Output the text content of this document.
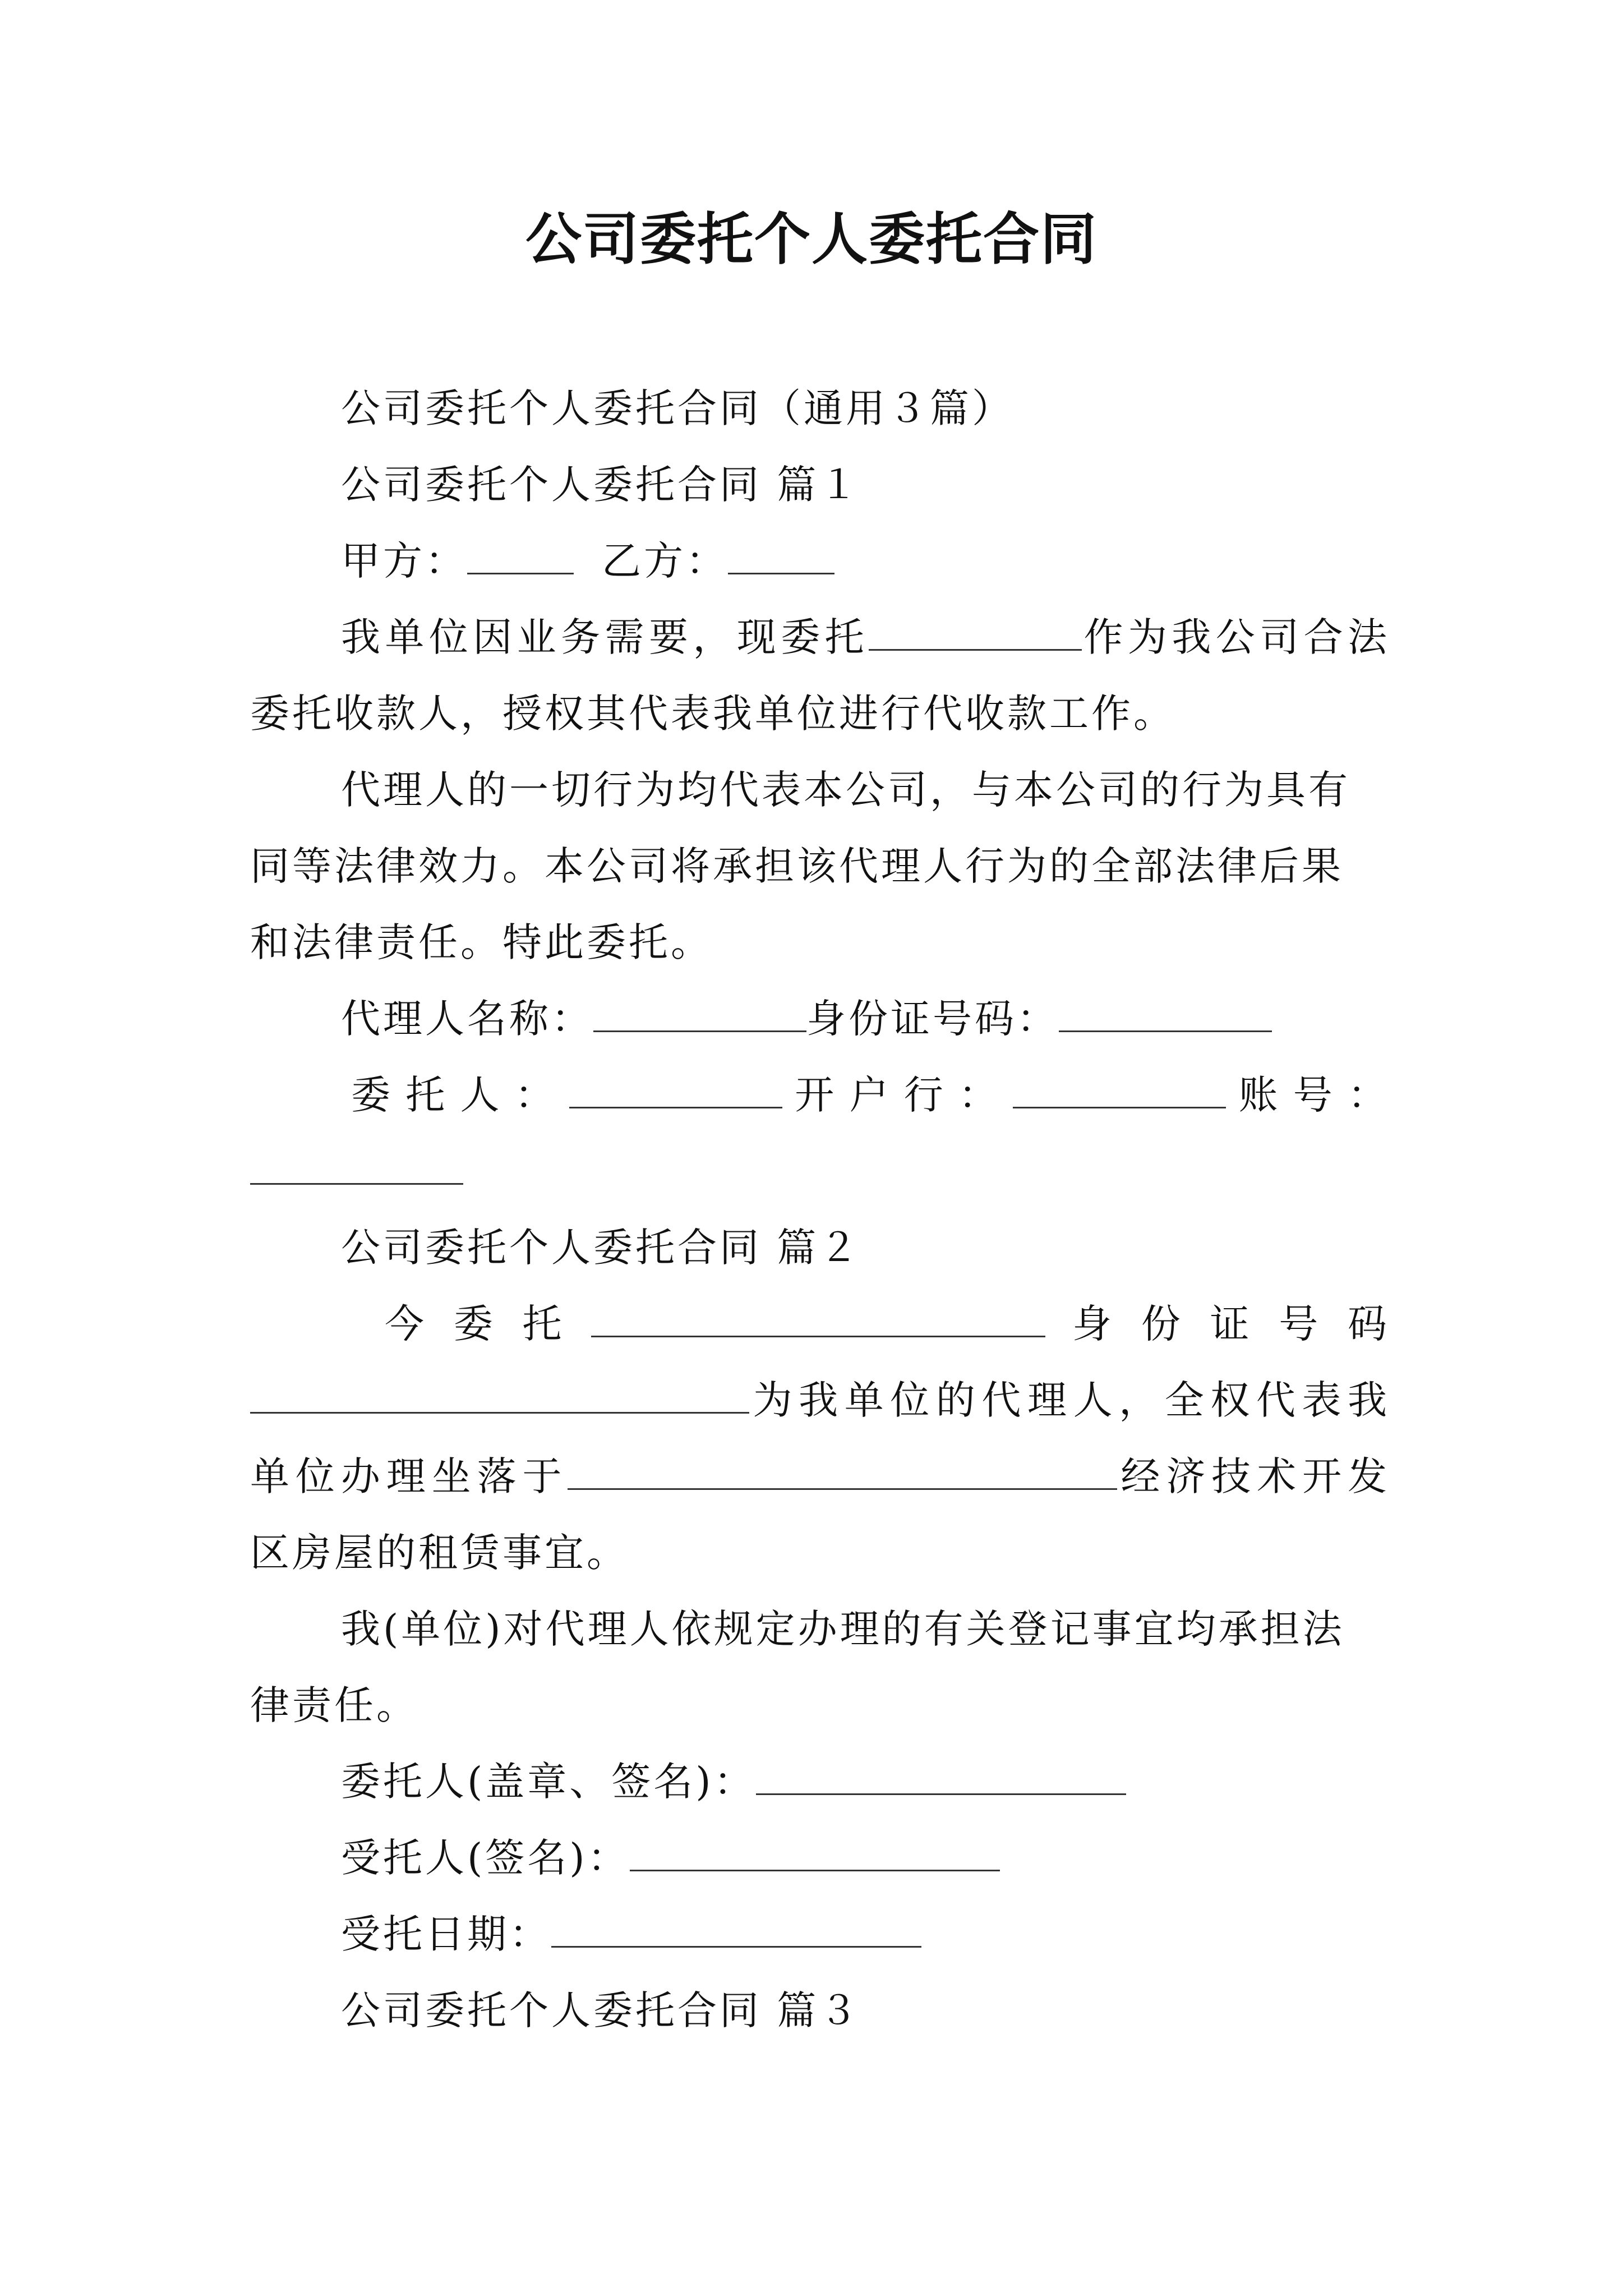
公司委托个人委托合同
公司委托个人委托合同（通用３篇）
公司委托个人委托合同 篇１
甲方：	乙方：
我单位因业务需要，现委托	作为我公司合法
委托收款人，授权其代表我单位进行代收款工作。
代理人的一切行为均代表本公司，与本公司的行为具有
同等法律效力。本公司将承担该代理人行为的全部法律后果
和法律责任。特此委托。
代理人名称：	身份证号码：
委托人：	开户行：	账号：
公司委托个人委托合同 篇２
今委托	身份证号码
为我单位的代理人，全权代表我
单位办理坐落于	经济技术开发
区房屋的租赁事宜。
我(单位)对代理人依规定办理的有关登记事宜均承担法
律责任。
委托人(盖章、签名)：
受托人(签名)：
受托日期：
公司委托个人委托合同 篇３
